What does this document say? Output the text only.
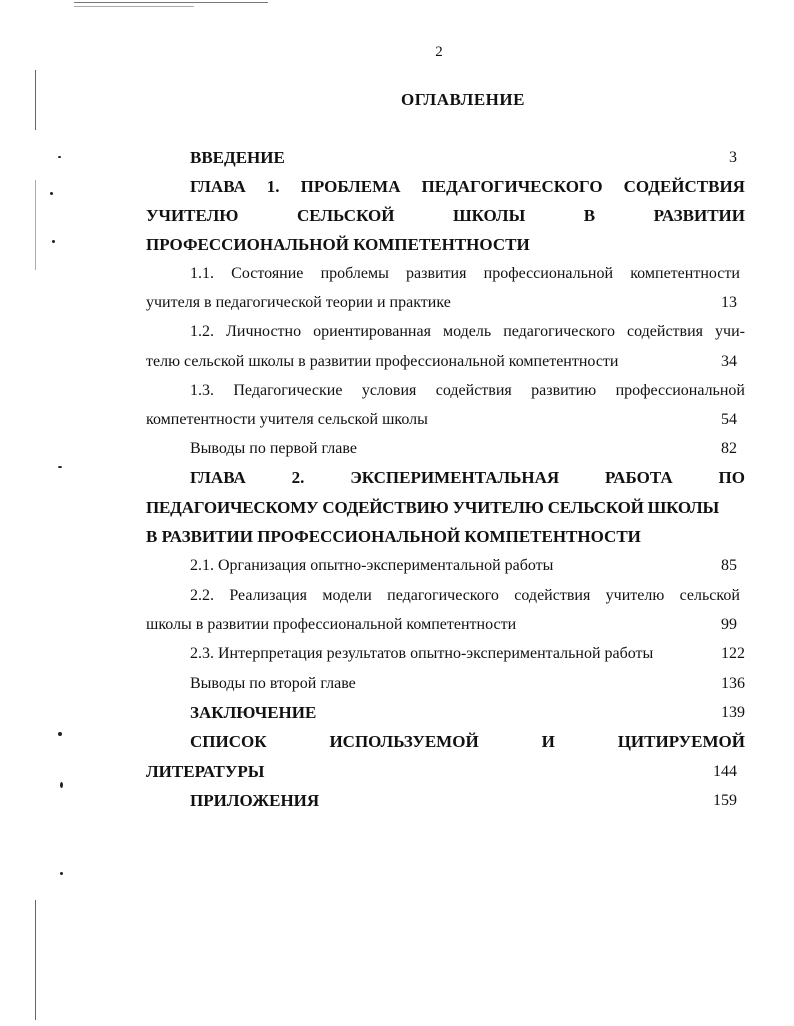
2
ОГЛАВЛЕНИЕ
ВВЕДЕНИЕ	3
ГЛАВА 1. ПРОБЛЕМА ПЕДАГОГИЧЕСКОГО СОДЕЙСТВИЯ
УЧИТЕЛЮ	СЕЛЬСКОЙ	ШКОЛЫ	В	РАЗВИТИИ
ПРОФЕССИОНАЛЬНОЙ КОМПЕТЕНТНОСТИ
1.1. Состояние проблемы развития профессиональной компетентности
учителя в педагогической теории и практике	13
1.2. Личностно ориентированная модель педагогического содействия учи-
телю сельской школы в развитии профессиональной компетентности	34
1.3. Педагогические условия содействия развитию профессиональной
компетентности учителя сельской школы	54
Выводы по первой главе	82
ГЛАВА	2.	ЭКСПЕРИМЕНТАЛЬНАЯ	РАБОТА	ПО
ПЕДАГОИЧЕСКОМУ СОДЕЙСТВИЮ УЧИТЕЛЮ СЕЛЬСКОЙ ШКОЛЫ
В РАЗВИТИИ ПРОФЕССИОНАЛЬНОЙ КОМПЕТЕНТНОСТИ
2.1. Организация опытно-экспериментальной работы	85
2.2. Реализация модели педагогического содействия учителю сельской
школы в развитии профессиональной компетентности	99
2.3. Интерпретация результатов опытно-экспериментальной работы	122
Выводы по второй главе	136
ЗАКЛЮЧЕНИЕ	139
СПИСОК	ИСПОЛЬЗУЕМОЙ	И	ЦИТИРУЕМОЙ
ЛИТЕРАТУРЫ	144
ПРИЛОЖЕНИЯ	159
